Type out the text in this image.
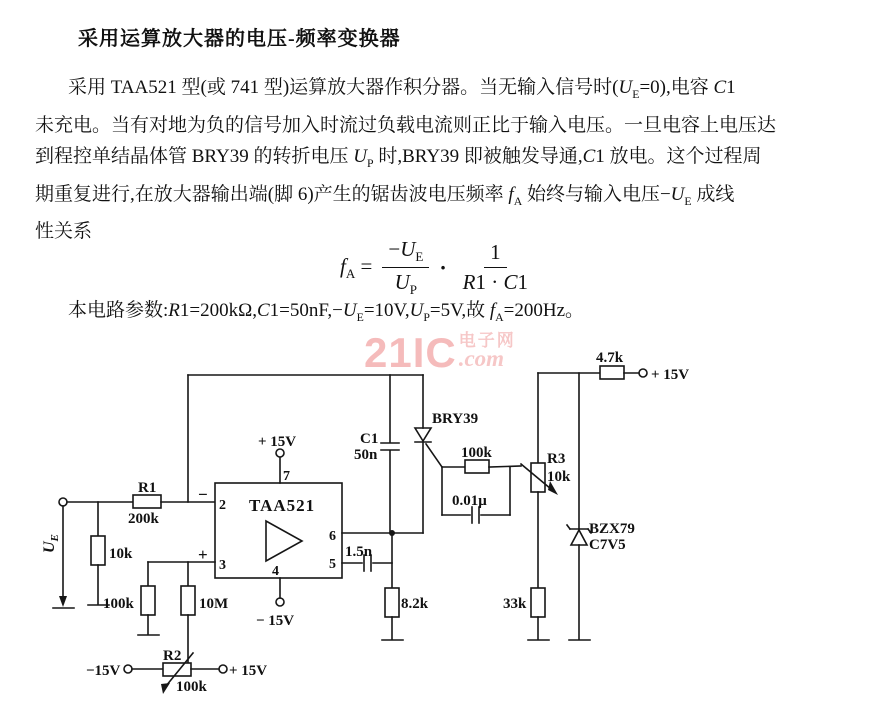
采用运算放大器的电压-频率变换器
采用 TAA521 型(或 741 型)运算放大器作积分器。当无输入信号时$(U_E=0)$,电容 C1
未充电。当有对地为负的信号加入时流过负载电流则正比于输入电压。一旦电容上电压达
到程控单结晶体管 BRY39 的转折电压 $U_P$ 时,BRY39 即被触发导通,C1 放电。这个过程周
期重复进行,在放大器输出端(脚 6)产生的锯齿波电压频率 $f_A$ 始终与输入电压$-U_E$ 成线
性关系
$f_A = \frac{-U_E}{U_P} \cdot \frac{1}{R1 \cdot C1}$
本电路参数$:R1=200k\Omega,C1=50nF,-U_E=10V,U_P=5V$,故 $f_A=200Hz$。
21IC 电子网
.com
$U_E$
R1
200k
10k
TAA521
2
3	4
6
5
7
−
+
+ 15V
− 15V
100k	10M
R2
100k
−15V	+ 15V
1.5n
8.2k
C1
50n
BRY39
100k
0.01μ
R3
10k
33k
4.7k
+ 15V
BZX79
C7V5
